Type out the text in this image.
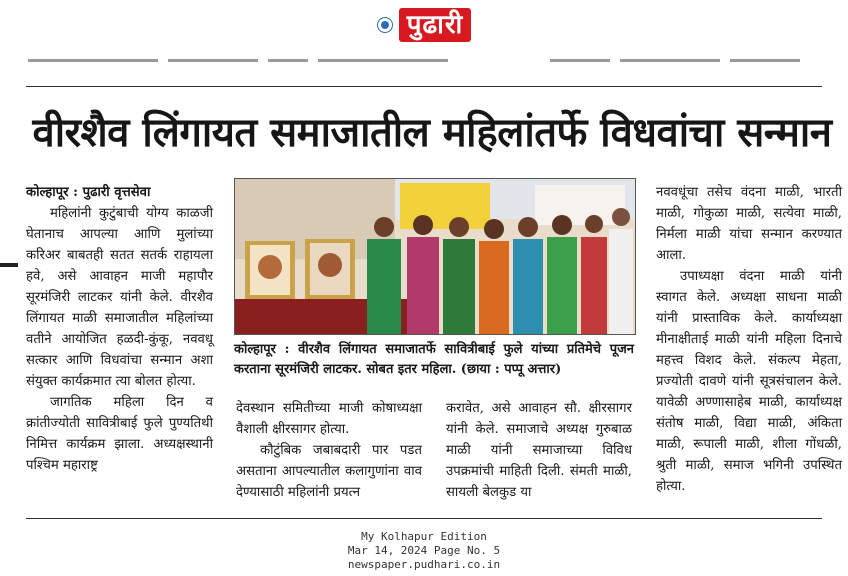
पुढारी
वीरशैव लिंगायत समाजातील महिलांतर्फे विधवांचा सन्मान

कोल्हापूर : पुढारी वृत्तसेवा

महिलांनी कुटुंबाची योग्य काळजी घेतानाच आपल्या आणि मुलांच्या करिअर बाबतही सतत सतर्क राहायला हवे, असे आवाहन माजी महापौर सूरमंजिरी लाटकर यांनी केले. वीरशैव लिंगायत माळी समाजातील महिलांच्या वतीने आयोजित हळदी-कुंकू, नववधू सत्कार आणि विधवांचा सन्मान अशा संयुक्त कार्यक्रमात त्या बोलत होत्या.

जागतिक महिला दिन व क्रांतीज्योती सावित्रीबाई फुले पुण्यतिथी निमित्त कार्यक्रम झाला. अध्यक्षस्थानी पश्चिम महाराष्ट्र

कोल्हापूर : वीरशैव लिंगायत समाजातर्फे सावित्रीबाई फुले यांच्या प्रतिमेचे पूजन करताना सूरमंजिरी लाटकर. सोबत इतर महिला. (छाया : पप्पू अत्तार)

देवस्थान समितीच्या माजी कोषाध्यक्षा वैशाली क्षीरसागर होत्या.

कौटुंबिक जबाबदारी पार पडत असताना आपल्यातील कलागुणांना वाव देण्यासाठी महिलांनी प्रयत्न

करावेत, असे आवाहन सौ. क्षीरसागर यांनी केले. समाजाचे अध्यक्ष गुरुबाळ माळी यांनी समाजाच्या विविध उपक्रमांची माहिती दिली. संमती माळी, सायली बेलकुड या

नववधूंचा तसेच वंदना माळी, भारती माळी, गोकुळा माळी, सत्येवा माळी, निर्मला माळी यांचा सन्मान करण्यात आला.

उपाध्यक्षा वंदना माळी यांनी स्वागत केले. अध्यक्षा साधना माळी यांनी प्रास्ताविक केले. कार्याध्यक्षा मीनाक्षीताई माळी यांनी महिला दिनाचे महत्त्व विशद केले. संकल्प मेहता, प्रज्योती दावणे यांनी सूत्रसंचालन केले. यावेळी अण्णासाहेब माळी, कार्याध्यक्ष संतोष माळी, विद्या माळी, अंकिता माळी, रूपाली माळी, शीला गोंधळी, श्रुती माळी, समाज भगिनी उपस्थित होत्या.

My Kolhapur Edition
Mar 14, 2024 Page No. 5
newspaper.pudhari.co.in
